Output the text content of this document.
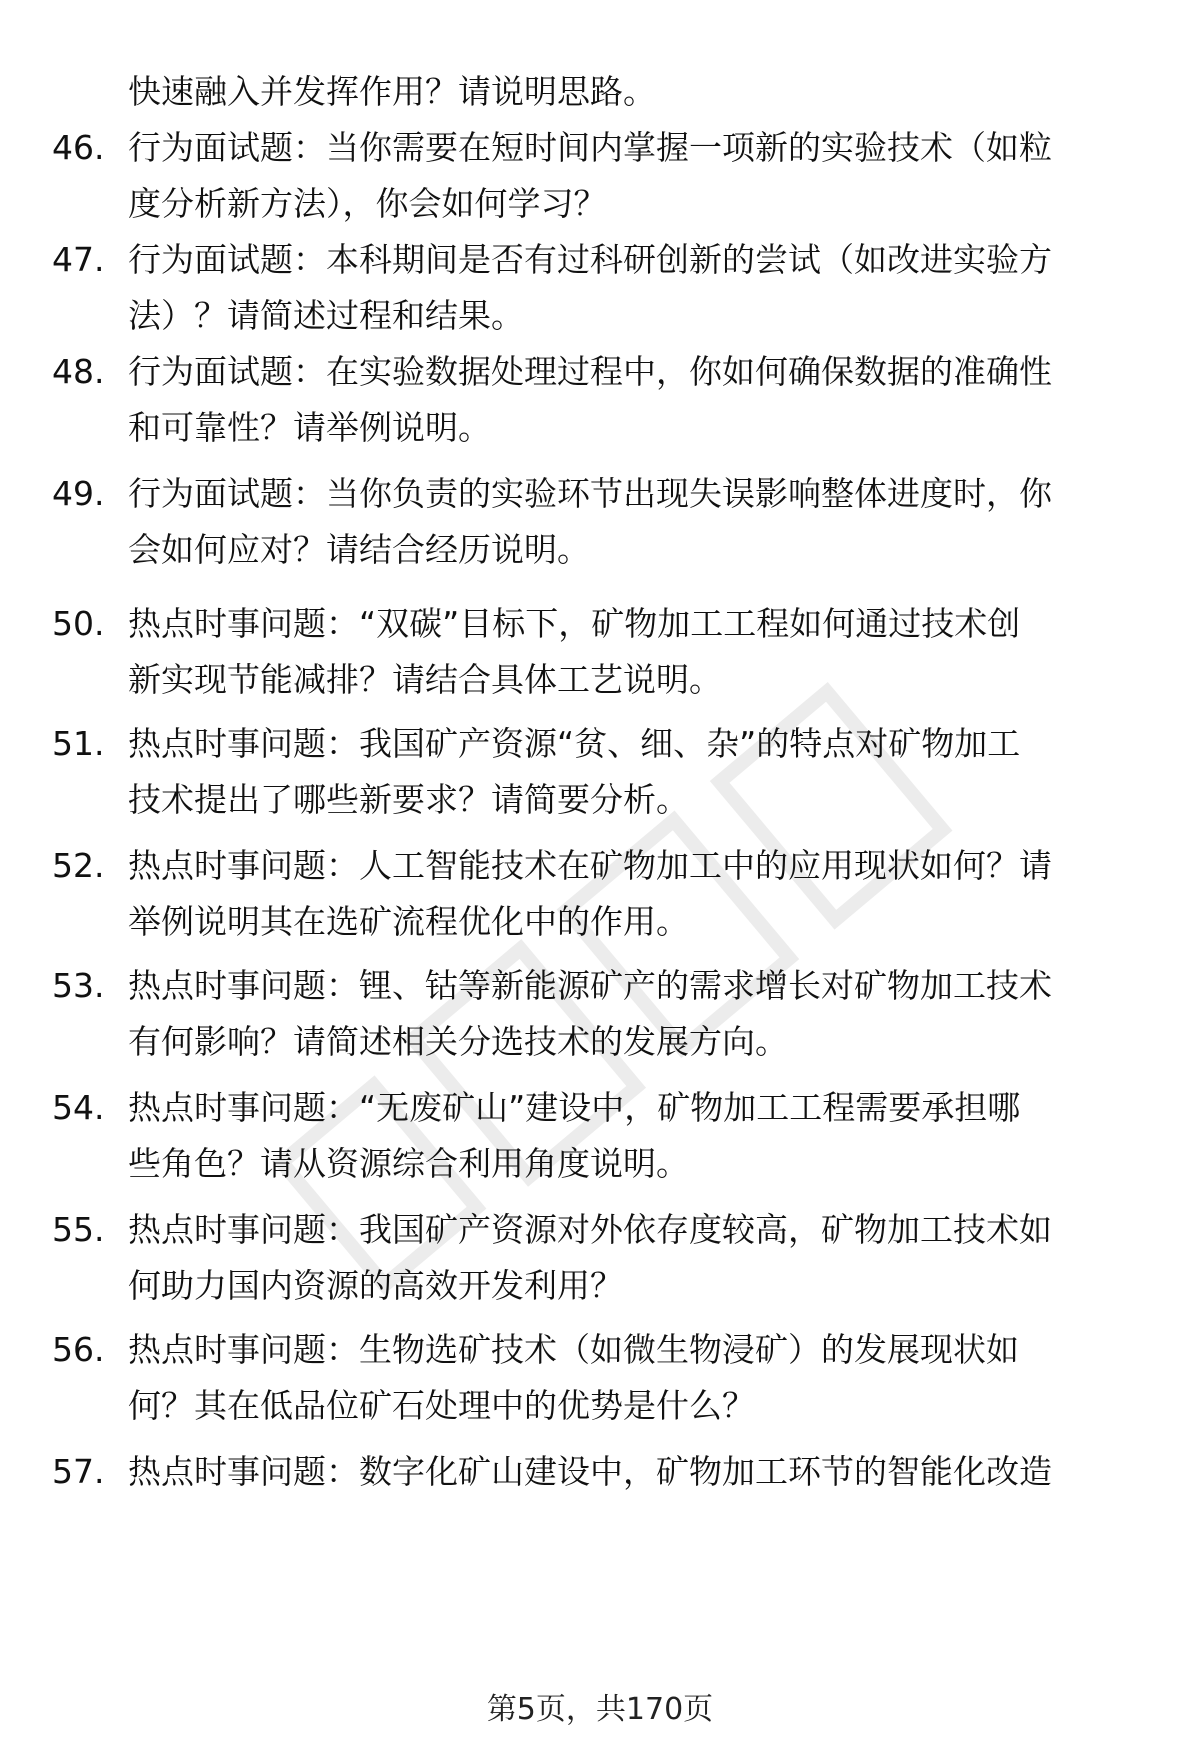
快速融入并发挥作用？请说明思路。
46. 行为面试题：当你需要在短时间内掌握一项新的实验技术（如粒
度分析新方法），你会如何学习？
47. 行为面试题：本科期间是否有过科研创新的尝试（如改进实验方
法）？请简述过程和结果。
48. 行为面试题：在实验数据处理过程中，你如何确保数据的准确性
和可靠性？请举例说明。
49. 行为面试题：当你负责的实验环节出现失误影响整体进度时，你
会如何应对？请结合经历说明。
50. 热点时事问题：“双碳”目标下，矿物加工工程如何通过技术创
新实现节能减排？请结合具体工艺说明。
51. 热点时事问题：我国矿产资源“贫、细、杂”的特点对矿物加工
技术提出了哪些新要求？请简要分析。
52. 热点时事问题：人工智能技术在矿物加工中的应用现状如何？请
举例说明其在选矿流程优化中的作用。
53. 热点时事问题：锂、钴等新能源矿产的需求增长对矿物加工技术
有何影响？请简述相关分选技术的发展方向。
54. 热点时事问题：“无废矿山”建设中，矿物加工工程需要承担哪
些角色？请从资源综合利用角度说明。
55. 热点时事问题：我国矿产资源对外依存度较高，矿物加工技术如
何助力国内资源的高效开发利用？
56. 热点时事问题：生物选矿技术（如微生物浸矿）的发展现状如
何？其在低品位矿石处理中的优势是什么？
57. 热点时事问题：数字化矿山建设中，矿物加工环节的智能化改造
第5页，共170页
